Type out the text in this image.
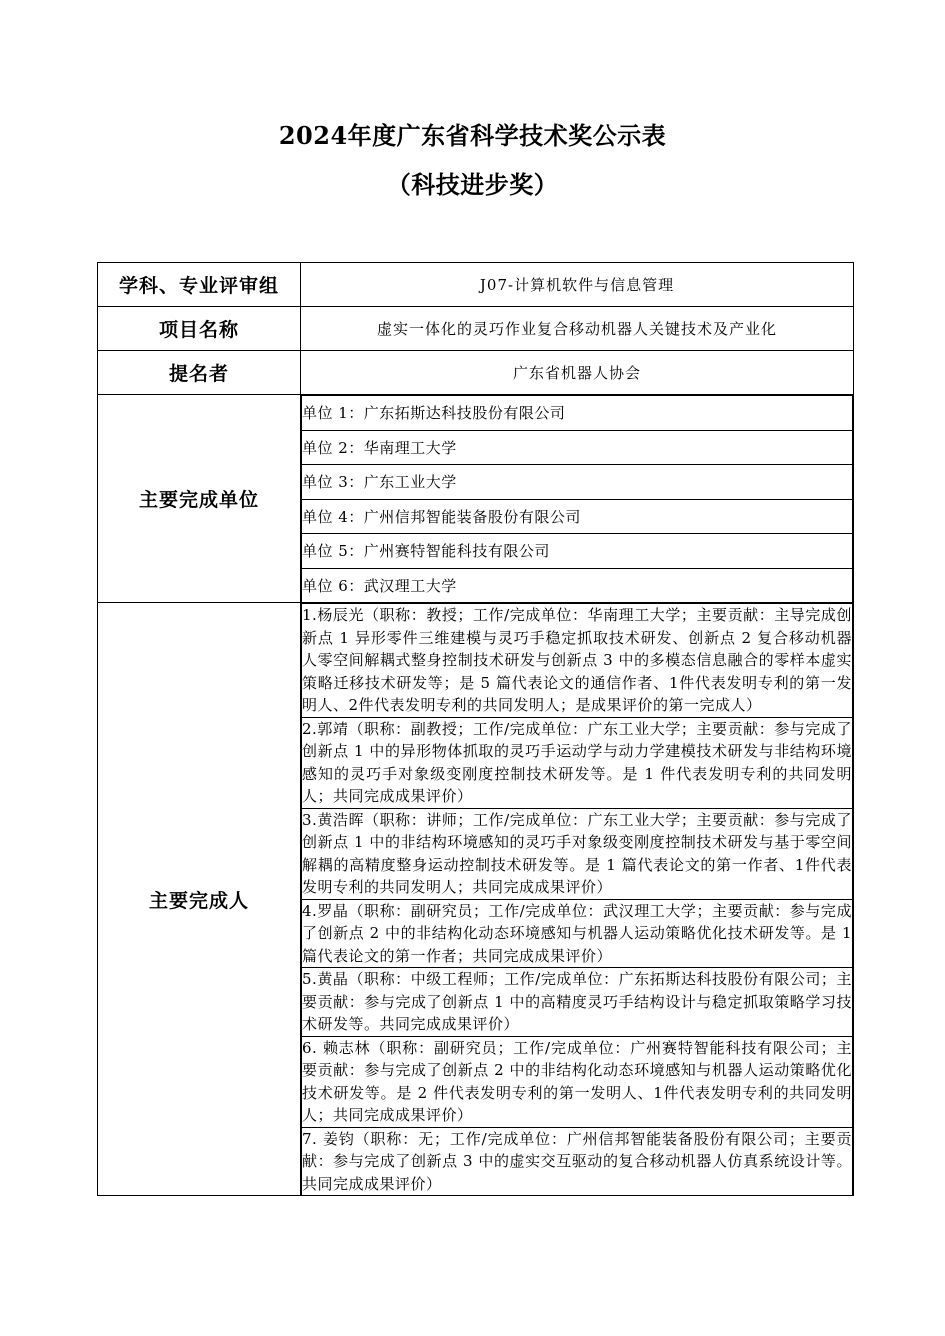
2024年度广东省科学技术奖公示表
（科技进步奖）
学科、专业评审组	J07-计算机软件与信息管理
项目名称	虚实一体化的灵巧作业复合移动机器人关键技术及产业化
提名者	广东省机器人协会
主要完成单位	
单位 1：广东拓斯达科技股份有限公司
单位 2：华南理工大学
单位 3：广东工业大学
单位 4：广州信邦智能装备股份有限公司
单位 5：广州赛特智能科技有限公司
单位 6：武汉理工大学

主要完成人	
1.杨辰光（职称：教授；工作/完成单位：华南理工大学；主要贡献：主导完成创新点 1 异形零件三维建模与灵巧手稳定抓取技术研发、创新点 2 复合移动机器人零空间解耦式整身控制技术研发与创新点 3 中的多模态信息融合的零样本虚实策略迁移技术研发等；是 5 篇代表论文的通信作者、1件代表发明专利的第一发明人、2件代表发明专利的共同发明人；是成果评价的第一完成人）
2.郭靖（职称：副教授；工作/完成单位：广东工业大学；主要贡献：参与完成了创新点 1 中的异形物体抓取的灵巧手运动学与动力学建模技术研发与非结构环境感知的灵巧手对象级变刚度控制技术研发等。是 1 件代表发明专利的共同发明人；共同完成成果评价）
3.黄浩晖（职称：讲师；工作/完成单位：广东工业大学；主要贡献：参与完成了创新点 1 中的非结构环境感知的灵巧手对象级变刚度控制技术研发与基于零空间解耦的高精度整身运动控制技术研发等。是 1 篇代表论文的第一作者、1件代表发明专利的共同发明人；共同完成成果评价）
4.罗晶（职称：副研究员；工作/完成单位：武汉理工大学；主要贡献：参与完成了创新点 2 中的非结构化动态环境感知与机器人运动策略优化技术研发等。是 1 篇代表论文的第一作者；共同完成成果评价）
5.黄晶（职称：中级工程师；工作/完成单位：广东拓斯达科技股份有限公司；主要贡献：参与完成了创新点 1 中的高精度灵巧手结构设计与稳定抓取策略学习技术研发等。共同完成成果评价）
6. 赖志林（职称：副研究员；工作/完成单位：广州赛特智能科技有限公司；主要贡献：参与完成了创新点 2 中的非结构化动态环境感知与机器人运动策略优化技术研发等。是 2 件代表发明专利的第一发明人、1件代表发明专利的共同发明人；共同完成成果评价）
7. 姜钧（职称：无；工作/完成单位：广州信邦智能装备股份有限公司；主要贡献：参与完成了创新点 3 中的虚实交互驱动的复合移动机器人仿真系统设计等。共同完成成果评价）
